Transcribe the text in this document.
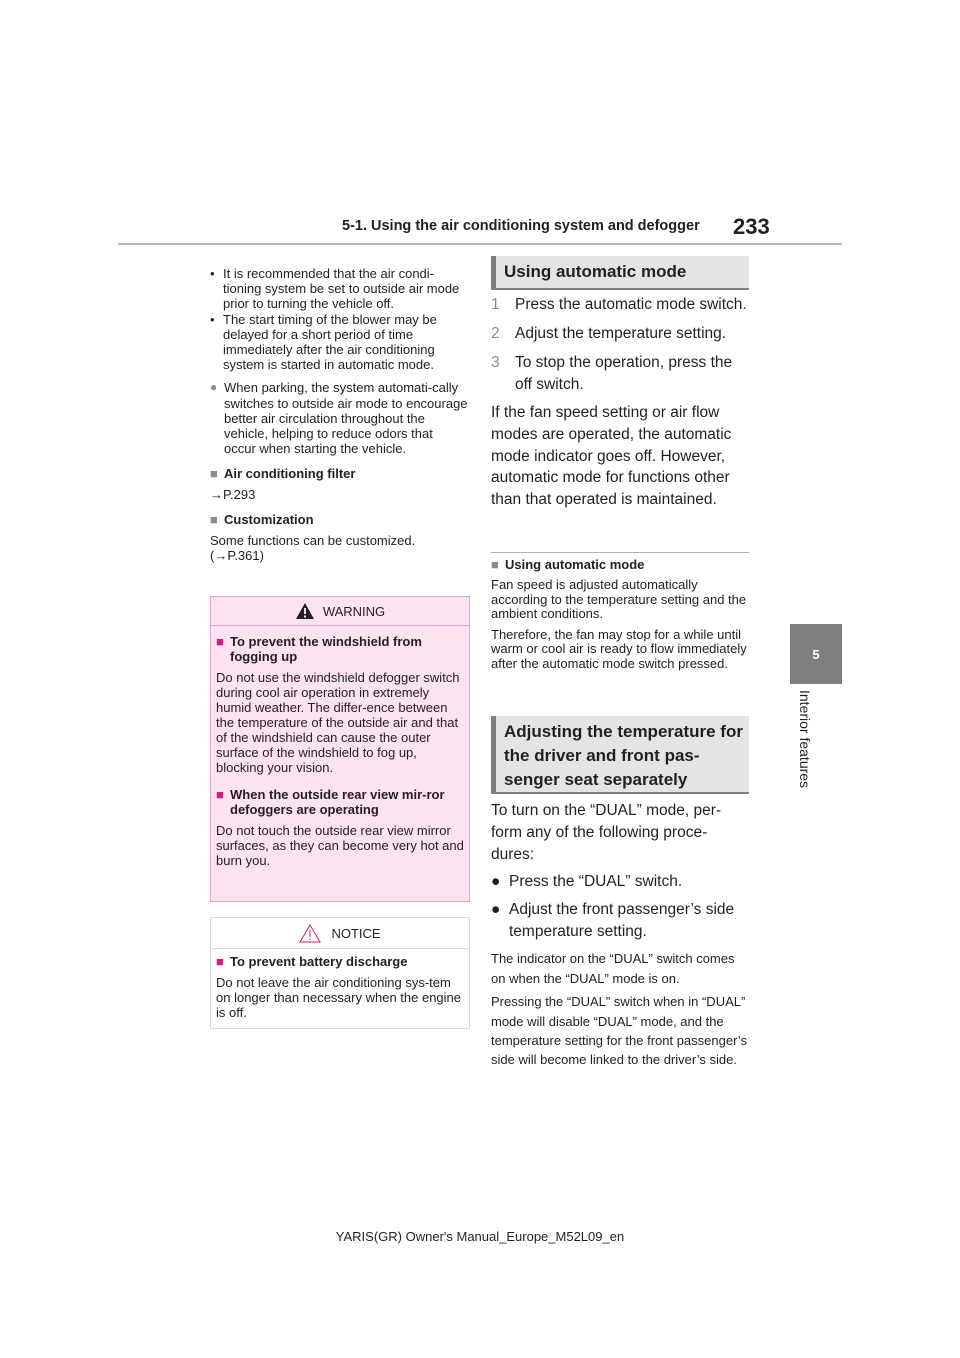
5-1. Using the air conditioning system and defogger 233
5
Interior features
• It is recommended that the air condi-tioning system be set to outside air mode prior to turning the vehicle off.
• The start timing of the blower may be delayed for a short period of time immediately after the air conditioning system is started in automatic mode.
● When parking, the system automati-cally switches to outside air mode to encourage better air circulation throughout the vehicle, helping to reduce odors that occur when starting the vehicle.
■ Air conditioning filter
→P.293
■ Customization
Some functions can be customized. (→P.361)
WARNING
■ To prevent the windshield from fogging up
Do not use the windshield defogger switch during cool air operation in extremely humid weather. The differ-ence between the temperature of the outside air and that of the windshield can cause the outer surface of the windshield to fog up, blocking your vision.
■ When the outside rear view mir-ror defoggers are operating
Do not touch the outside rear view mirror surfaces, as they can become very hot and burn you.
NOTICE
■ To prevent battery discharge
Do not leave the air conditioning sys-tem on longer than necessary when the engine is off.
Using automatic mode
1 Press the automatic mode switch.
2 Adjust the temperature setting.
3 To stop the operation, press the off switch.
If the fan speed setting or air flow modes are operated, the automatic mode indicator goes off. However, automatic mode for functions other than that operated is maintained.
■ Using automatic mode
Fan speed is adjusted automatically according to the temperature setting and the ambient conditions.
Therefore, the fan may stop for a while until warm or cool air is ready to flow immediately after the automatic mode switch pressed.
Adjusting the temperature for the driver and front pas-senger seat separately
To turn on the “DUAL” mode, per-form any of the following proce-dures:
● Press the “DUAL” switch.
● Adjust the front passenger’s side temperature setting.
The indicator on the “DUAL” switch comes on when the “DUAL” mode is on.
Pressing the “DUAL” switch when in “DUAL” mode will disable “DUAL” mode, and the temperature setting for the front passenger’s side will become linked to the driver’s side.
YARIS(GR) Owner's Manual_Europe_M52L09_en
